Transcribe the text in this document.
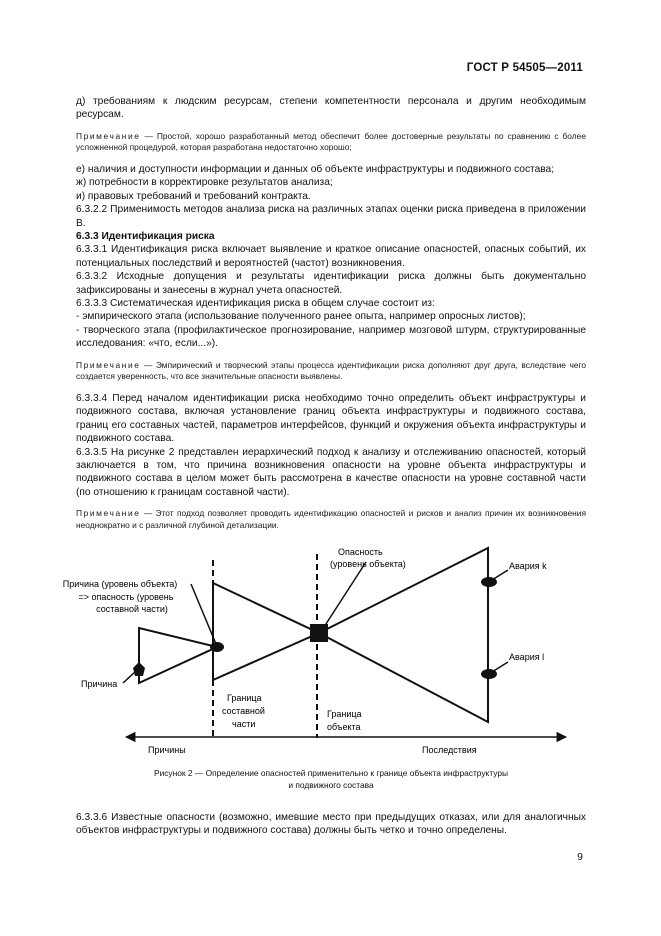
ГОСТ Р 54505—2011

д) требованиям к людским ресурсам, степени компетентности персонала и другим необходимым ресурсам.

Примечание — Простой, хорошо разработанный метод обеспечит более достоверные результаты по сравнению с более усложненной процедурой, которая разработана недостаточно хорошо;

е) наличия и доступности информации и данных об объекте инфраструктуры и подвижного состава;

ж) потребности в корректировке результатов анализа;

и) правовых требований и требований контракта.

6.3.2.2 Применимость методов анализа риска на различных этапах оценки риска приведена в приложении В.

6.3.3 Идентификация риска

6.3.3.1 Идентификация риска включает выявление и краткое описание опасностей, опасных событий, их потенциальных последствий и вероятностей (частот) возникновения.

6.3.3.2 Исходные допущения и результаты идентификации риска должны быть документально зафиксированы и занесены в журнал учета опасностей.

6.3.3.3 Систематическая идентификация риска в общем случае состоит из:

- эмпирического этапа (использование полученного ранее опыта, например опросных листов);

- творческого этапа (профилактическое прогнозирование, например мозговой штурм, структурированные исследования: «что, если...»).

Примечание — Эмпирический и творческий этапы процесса идентификации риска дополняют друг друга, вследствие чего создается уверенность, что все значительные опасности выявлены.

6.3.3.4 Перед началом идентификации риска необходимо точно определить объект инфраструктуры и подвижного состава, включая установление границ объекта инфраструктуры и подвижного состава, границ его составных частей, параметров интерфейсов, функций и окружения объекта инфраструктуры и подвижного состава.

6.3.3.5 На рисунке 2 представлен иерархический подход к анализу и отслеживанию опасностей, который заключается в том, что причина возникновения опасности на уровне объекта инфраструктуры и подвижного состава в целом может быть рассмотрена в качестве опасности на уровне составной части (по отношению к границам составной части).

Примечание — Этот подход позволяет проводить идентификацию опасностей и рисков и анализ причин их возникновения неоднократно и с различной глубиной детализации.

Причина (уровень объекта)
=> опасность (уровень
составной части)
Причина
Опасность
(уровень объекта)	Авария k
Авария l
Граница
составной
части
Граница
объекта
Причины	Последствия
Рисунок 2 — Определение опасностей применительно к границе объекта инфраструктуры
и подвижного состава
6.3.3.6 Известные опасности (возможно, имевшие место при предыдущих отказах, или для аналогичных объектов инфраструктуры и подвижного состава) должны быть четко и точно определены.
9
